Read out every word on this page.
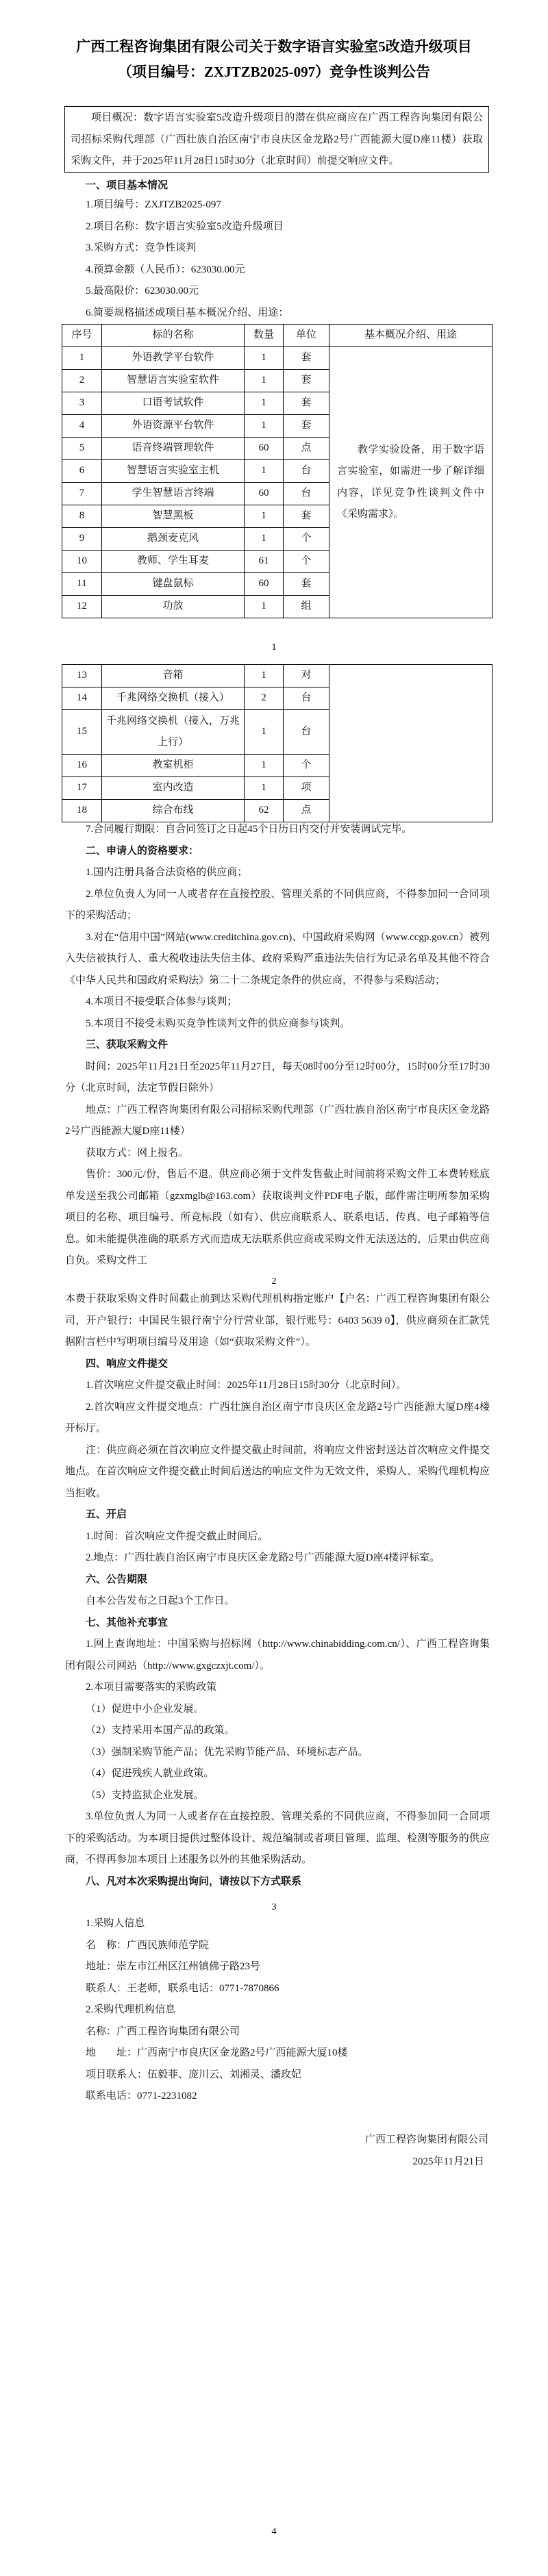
广西工程咨询集团有限公司关于数字语言实验室5改造升级项目
（项目编号：ZXJTZB2025-097）竞争性谈判公告
项目概况：数字语言实验室5改造升级项目的潜在供应商应在广西工程咨询集团有限公司招标采购代理部（广西壮族自治区南宁市良庆区金龙路2号广西能源大厦D座11楼）获取采购文件，并于2025年11月28日15时30分（北京时间）前提交响应文件。
一、项目基本情况
1.项目编号：ZXJTZB2025-097
2.项目名称：数字语言实验室5改造升级项目
3.采购方式：竞争性谈判
4.预算金额（人民币）：623030.00元
5.最高限价：623030.00元
6.简要规格描述或项目基本概况介绍、用途：
序号	标的名称	数量	单位	基本概况介绍、用途
1	外语教学平台软件	1	套	教学实验设备，用于数字语言实验室，如需进一步了解详细内容，详见竞争性谈判文件中《采购需求》。

2	智慧语言实验室软件	1	套	
3	口语考试软件	1	套	
4	外语资源平台软件	1	套	
5	语音终端管理软件	60	点	
6	智慧语言实验室主机	1	台	
7	学生智慧语言终端	60	台	
8	智慧黑板	1	套	
9	鹅颈麦克风	1	个	
10	教师、学生耳麦	61	个	
11	键盘鼠标	60	套	
12	功放	1	组	
1
13	音箱	1	对	

14	千兆网络交换机（接入）	2	台	
15	千兆网络交换机（接入，万兆上行）	1	台	
16	教室机柜	1	个	
17	室内改造	1	项	
18	综合布线	62	点	
7.合同履行期限：自合同签订之日起45个日历日内交付并安装调试完毕。
二、申请人的资格要求：
1.国内注册具备合法资格的供应商；
2.单位负责人为同一人或者存在直接控股、管理关系的不同供应商，不得参加同一合同项下的采购活动；
3.对在“信用中国”网站(www.creditchina.gov.cn)、中国政府采购网（www.ccgp.gov.cn）被列入失信被执行人、重大税收违法失信主体、政府采购严重违法失信行为记录名单及其他不符合《中华人民共和国政府采购法》第二十二条规定条件的供应商，不得参与采购活动；
4.本项目不接受联合体参与谈判；
5.本项目不接受未购买竞争性谈判文件的供应商参与谈判。
三、获取采购文件
时间：2025年11月21日至2025年11月27日，每天08时00分至12时00分，15时00分至17时30分（北京时间，法定节假日除外）
地点：广西工程咨询集团有限公司招标采购代理部（广西壮族自治区南宁市良庆区金龙路2号广西能源大厦D座11楼）
获取方式：网上报名。
售价：300元/份，售后不退。供应商必须于文件发售截止时间前将采购文件工本费转账底单发送至我公司邮箱（gzxmglb@163.com）获取谈判文件PDF电子版，邮件需注明所参加采购项目的名称、项目编号、所竞标段（如有）、供应商联系人、联系电话、传真、电子邮箱等信息。如未能提供准确的联系方式而造成无法联系供应商或采购文件无法送达的，后果由供应商自负。采购文件工
2
本费于获取采购文件时间截止前到达采购代理机构指定账户【户名：广西工程咨询集团有限公司，开户银行：中国民生银行南宁分行营业部，银行账号：6403 5639 0】，供应商须在汇款凭据附言栏中写明项目编号及用途（如“获取采购文件”）。
四、响应文件提交
1.首次响应文件提交截止时间：2025年11月28日15时30分（北京时间）。
2.首次响应文件提交地点：广西壮族自治区南宁市良庆区金龙路2号广西能源大厦D座4楼开标厅。
注：供应商必须在首次响应文件提交截止时间前，将响应文件密封送达首次响应文件提交地点。在首次响应文件提交截止时间后送达的响应文件为无效文件，采购人、采购代理机构应当拒收。
五、开启
1.时间：首次响应文件提交截止时间后。
2.地点：广西壮族自治区南宁市良庆区金龙路2号广西能源大厦D座4楼评标室。
六、公告期限
自本公告发布之日起3个工作日。
七、其他补充事宜
1.网上查询地址：中国采购与招标网（http://www.chinabidding.com.cn/）、广西工程咨询集团有限公司网站（http://www.gxgczxjt.com/）。
2.本项目需要落实的采购政策
（1）促进中小企业发展。
（2）支持采用本国产品的政策。
（3）强制采购节能产品；优先采购节能产品、环境标志产品。
（4）促进残疾人就业政策。
（5）支持监狱企业发展。
3.单位负责人为同一人或者存在直接控股、管理关系的不同供应商，不得参加同一合同项下的采购活动。为本项目提供过整体设计、规范编制或者项目管理、监理、检测等服务的供应商，不得再参加本项目上述服务以外的其他采购活动。
八、凡对本次采购提出询问，请按以下方式联系
3
1.采购人信息
名　称：广西民族师范学院
地址：崇左市江州区江州镇佛子路23号
联系人：王老师，联系电话：0771-7870866
2.采购代理机构信息
名称：广西工程咨询集团有限公司
地　　址：广西南宁市良庆区金龙路2号广西能源大厦10楼
项目联系人：伍毅菲、庞川云、刘湘灵、潘玫妃
联系电话：0771-2231082
广西工程咨询集团有限公司
2025年11月21日
4
